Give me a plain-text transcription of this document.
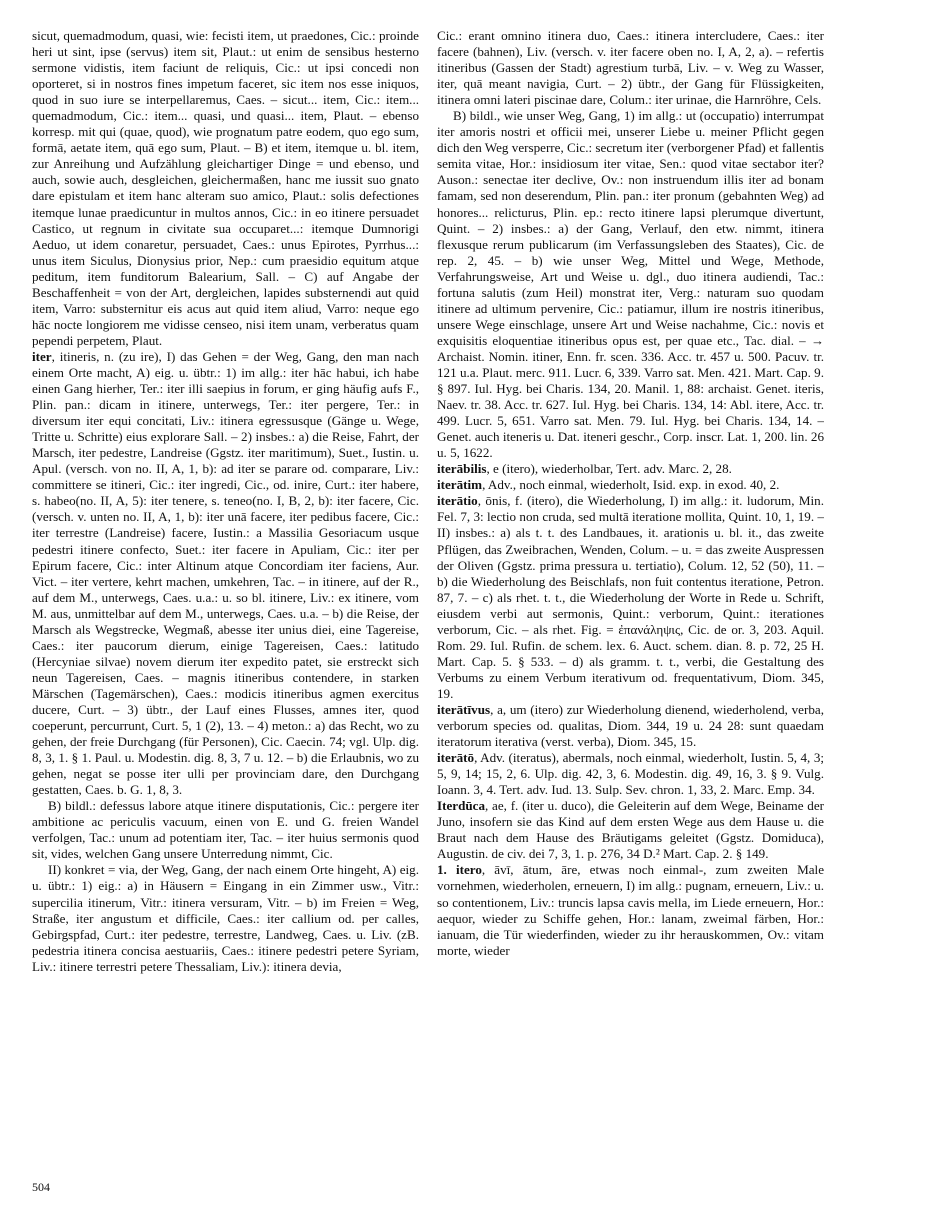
sicut, quemadmodum, quasi, wie: fecisti item, ut praedones, Cic.: proinde heri ut sint, ipse (servus) item sit, Plaut.: ut enim de sensibus hesterno sermone vidistis, item faciunt de reliquis, Cic.: ut ipsi concedi non oporteret, si in nostros fines impetum faceret, sic item nos esse iniquos, quod in suo iure se interpellaremus, Caes. – sicut... item, Cic.: item... quemadmodum, Cic.: item... quasi, und quasi... item, Plaut. – ebenso korresp. mit qui (quae, quod), wie prognatum patre eodem, quo ego sum, formā, aetate item, quā ego sum, Plaut. – B) et item, itemque u. bl. item, zur Anreihung und Aufzählung gleichartiger Dinge = und ebenso, und auch, sowie auch, desgleichen, gleichermaßen, hanc me iussit suo gnato dare epistulam et item hanc alteram suo amico, Plaut.: solis defectiones itemque lunae praedicuntur in multos annos, Cic.: in eo itinere persuadet Castico, ut regnum in civitate sua occuparet...: itemque Dumnorigi Aeduo, ut idem conaretur, persuadet, Caes.: unus Epirotes, Pyrrhus...: unus item Siculus, Dionysius prior, Nep.: cum praesidio equitum atque peditum, item funditorum Balearium, Sall. – C) auf Angabe der Beschaffenheit = von der Art, dergleichen, lapides substernendi aut quid item, Varro: substernitur eis acus aut quid item aliud, Varro: neque ego hāc nocte longiorem me vidisse censeo, nisi item unam, verberatus quam pependi perpetem, Plaut.

iter, itineris, n. (zu ire), I) das Gehen = der Weg, Gang, den man nach einem Orte macht, A) eig. u. übtr.: 1) im allg.: iter hāc habui, ich habe einen Gang hierher, Ter.: iter illi saepius in forum, er ging häufig aufs F., Plin. pan.: dicam in itinere, unterwegs, Ter.: iter pergere, Ter.: in diversum iter equi concitati, Liv.: itinera egressusque (Gänge u. Wege, Tritte u. Schritte) eius explorare Sall. – 2) insbes.: a) die Reise, Fahrt, der Marsch, iter pedestre, Landreise (Ggstz. iter maritimum), Suet., Iustin. u. Apul. (versch. von no. II, A, 1, b): ad iter se parare od. comparare, Liv.: committere se itineri, Cic.: iter ingredi, Cic., od. inire, Curt.: iter habere, s. habeo(no. II, A, 5): iter tenere, s. teneo(no. I, B, 2, b): iter facere, Cic. (versch. v. unten no. II, A, 1, b): iter unā facere, iter pedibus facere, Cic.: iter terrestre (Landreise) facere, Iustin.: a Massilia Gesoriacum usque pedestri itinere confecto, Suet.: iter facere in Apuliam, Cic.: iter per Epirum facere, Cic.: inter Altinum atque Concordiam iter faciens, Aur. Vict. – iter vertere, kehrt machen, umkehren, Tac. – in itinere, auf der R., auf dem M., unterwegs, Caes. u.a.: u. so bl. itinere, Liv.: ex itinere, vom M. aus, unmittelbar auf dem M., unterwegs, Caes. u.a. – b) die Reise, der Marsch als Wegstrecke, Wegmaß, abesse iter unius diei, eine Tagereise, Caes.: iter paucorum dierum, einige Tagereisen, Caes.: latitudo (Hercyniae silvae) novem dierum iter expedito patet, sie erstreckt sich neun Tagereisen, Caes. – magnis itineribus contendere, in starken Märschen (Tagemärschen), Caes.: modicis itineribus agmen exercitus ducere, Curt. – 3) übtr., der Lauf eines Flusses, amnes iter, quod coeperunt, percurrunt, Curt. 5, 1 (2), 13. – 4) meton.: a) das Recht, wo zu gehen, der freie Durchgang (für Personen), Cic. Caecin. 74; vgl. Ulp. dig. 8, 3, 1. § 1. Paul. u. Modestin. dig. 8, 3, 7 u. 12. – b) die Erlaubnis, wo zu gehen, negat se posse iter ulli per provinciam dare, den Durchgang gestatten, Caes. b. G. 1, 8, 3.

B) bildl.: defessus labore atque itinere disputationis, Cic.: pergere iter ambitione ac periculis vacuum, einen von E. und G. freien Wandel verfolgen, Tac.: unum ad potentiam iter, Tac. – iter huius sermonis quod sit, vides, welchen Gang unsere Unterredung nimmt, Cic.

II) konkret = via, der Weg, Gang, der nach einem Orte hingeht, A) eig. u. übtr.: 1) eig.: a) in Häusern = Eingang in ein Zimmer usw., Vitr.: supercilia itinerum, Vitr.: itinera versuram, Vitr. – b) im Freien = Weg, Straße, iter angustum et difficile, Caes.: iter callium od. per calles, Gebirgspfad, Curt.: iter pedestre, terrestre, Landweg, Caes. u. Liv. (zB. pedestria itinera concisa aestuariis, Caes.: itinere pedestri petere Syriam, Liv.: itinere terrestri petere Thessaliam, Liv.): itinera devia,

Cic.: erant omnino itinera duo, Caes.: itinera intercludere, Caes.: iter facere (bahnen), Liv. (versch. v. iter facere oben no. I, A, 2, a). – refertis itineribus (Gassen der Stadt) agrestium turbā, Liv. – v. Weg zu Wasser, iter, quā meant navigia, Curt. – 2) übtr., der Gang für Flüssigkeiten, itinera omni lateri piscinae dare, Colum.: iter urinae, die Harnröhre, Cels.

B) bildl., wie unser Weg, Gang, 1) im allg.: ut (occupatio) interrumpat iter amoris nostri et officii mei, unserer Liebe u. meiner Pflicht gegen dich den Weg versperre, Cic.: secretum iter (verborgener Pfad) et fallentis semita vitae, Hor.: insidiosum iter vitae, Sen.: quod vitae sectabor iter? Auson.: senectae iter declive, Ov.: non instruendum illis iter ad bonam famam, sed non deserendum, Plin. pan.: iter pronum (gebahnten Weg) ad honores... relicturus, Plin. ep.: recto itinere lapsi plerumque divertunt, Quint. – 2) insbes.: a) der Gang, Verlauf, den etw. nimmt, itinera flexusque rerum publicarum (im Verfassungsleben des Staates), Cic. de rep. 2, 45. – b) wie unser Weg, Mittel und Wege, Methode, Verfahrungsweise, Art und Weise u. dgl., duo itinera audiendi, Tac.: fortuna salutis (zum Heil) monstrat iter, Verg.: naturam suo quodam itinere ad ultimum pervenire, Cic.: patiamur, illum ire nostris itineribus, unsere Wege einschlage, unsere Art und Weise nachahme, Cic.: novis et exquisitis eloquentiae itineribus opus est, per quae etc., Tac. dial. – → Archaist. Nomin. itiner, Enn. fr. scen. 336. Acc. tr. 457 u. 500. Pacuv. tr. 121 u.a. Plaut. merc. 911. Lucr. 6, 339. Varro sat. Men. 421. Mart. Cap. 9. § 897. Iul. Hyg. bei Charis. 134, 20. Manil. 1, 88: archaist. Genet. iteris, Naev. tr. 38. Acc. tr. 627. Iul. Hyg. bei Charis. 134, 14: Abl. itere, Acc. tr. 499. Lucr. 5, 651. Varro sat. Men. 79. Iul. Hyg. bei Charis. 134, 14. – Genet. auch iteneris u. Dat. iteneri geschr., Corp. inscr. Lat. 1, 200. lin. 26 u. 5, 1622.

iterābilis, e (itero), wiederholbar, Tert. adv. Marc. 2, 28.

iterātim, Adv., noch einmal, wiederholt, Isid. exp. in exod. 40, 2.

iterātio, ōnis, f. (itero), die Wiederholung, I) im allg.: it. ludorum, Min. Fel. 7, 3: lectio non cruda, sed multā iteratione mollita, Quint. 10, 1, 19. – II) insbes.: a) als t. t. des Landbaues, it. arationis u. bl. it., das zweite Pflügen, das Zweibrachen, Wenden, Colum. – u. = das zweite Auspressen der Oliven (Ggstz. prima pressura u. tertiatio), Colum. 12, 52 (50), 11. – b) die Wiederholung des Beischlafs, non fuit contentus iteratione, Petron. 87, 7. – c) als rhet. t. t., die Wiederholung der Worte in Rede u. Schrift, eiusdem verbi aut sermonis, Quint.: verborum, Quint.: iterationes verborum, Cic. – als rhet. Fig. = ἐπανάληψις, Cic. de or. 3, 203. Aquil. Rom. 29. Iul. Rufin. de schem. lex. 6. Auct. schem. dian. 8. p. 72, 25 H. Mart. Cap. 5. § 533. – d) als gramm. t. t., verbi, die Gestaltung des Verbums zu einem Verbum iterativum od. frequentativum, Diom. 345, 19.

iterātīvus, a, um (itero) zur Wiederholung dienend, wiederholend, verba, verborum species od. qualitas, Diom. 344, 19 u. 24 28: sunt quaedam iteratorum iterativa (verst. verba), Diom. 345, 15.

iterātō, Adv. (iteratus), abermals, noch einmal, wiederholt, Iustin. 5, 4, 3; 5, 9, 14; 15, 2, 6. Ulp. dig. 42, 3, 6. Modestin. dig. 49, 16, 3. § 9. Vulg. Ioann. 3, 4. Tert. adv. Iud. 13. Sulp. Sev. chron. 1, 33, 2. Marc. Emp. 34.

Iterdūca, ae, f. (iter u. duco), die Geleiterin auf dem Wege, Beiname der Juno, insofern sie das Kind auf dem ersten Wege aus dem Hause u. die Braut nach dem Hause des Bräutigams geleitet (Ggstz. Domiduca), Augustin. de civ. dei 7, 3, 1. p. 276, 34 D.² Mart. Cap. 2. § 149.

1. itero, āvī, ātum, āre, etwas noch einmal-, zum zweiten Male vornehmen, wiederholen, erneuern, I) im allg.: pugnam, erneuern, Liv.: u. so contentionem, Liv.: truncis lapsa cavis mella, im Liede erneuern, Hor.: aequor, wieder zu Schiffe gehen, Hor.: lanam, zweimal färben, Hor.: ianuam, die Tür wiederfinden, wieder zu ihr herauskommen, Ov.: vitam morte, wieder

504
